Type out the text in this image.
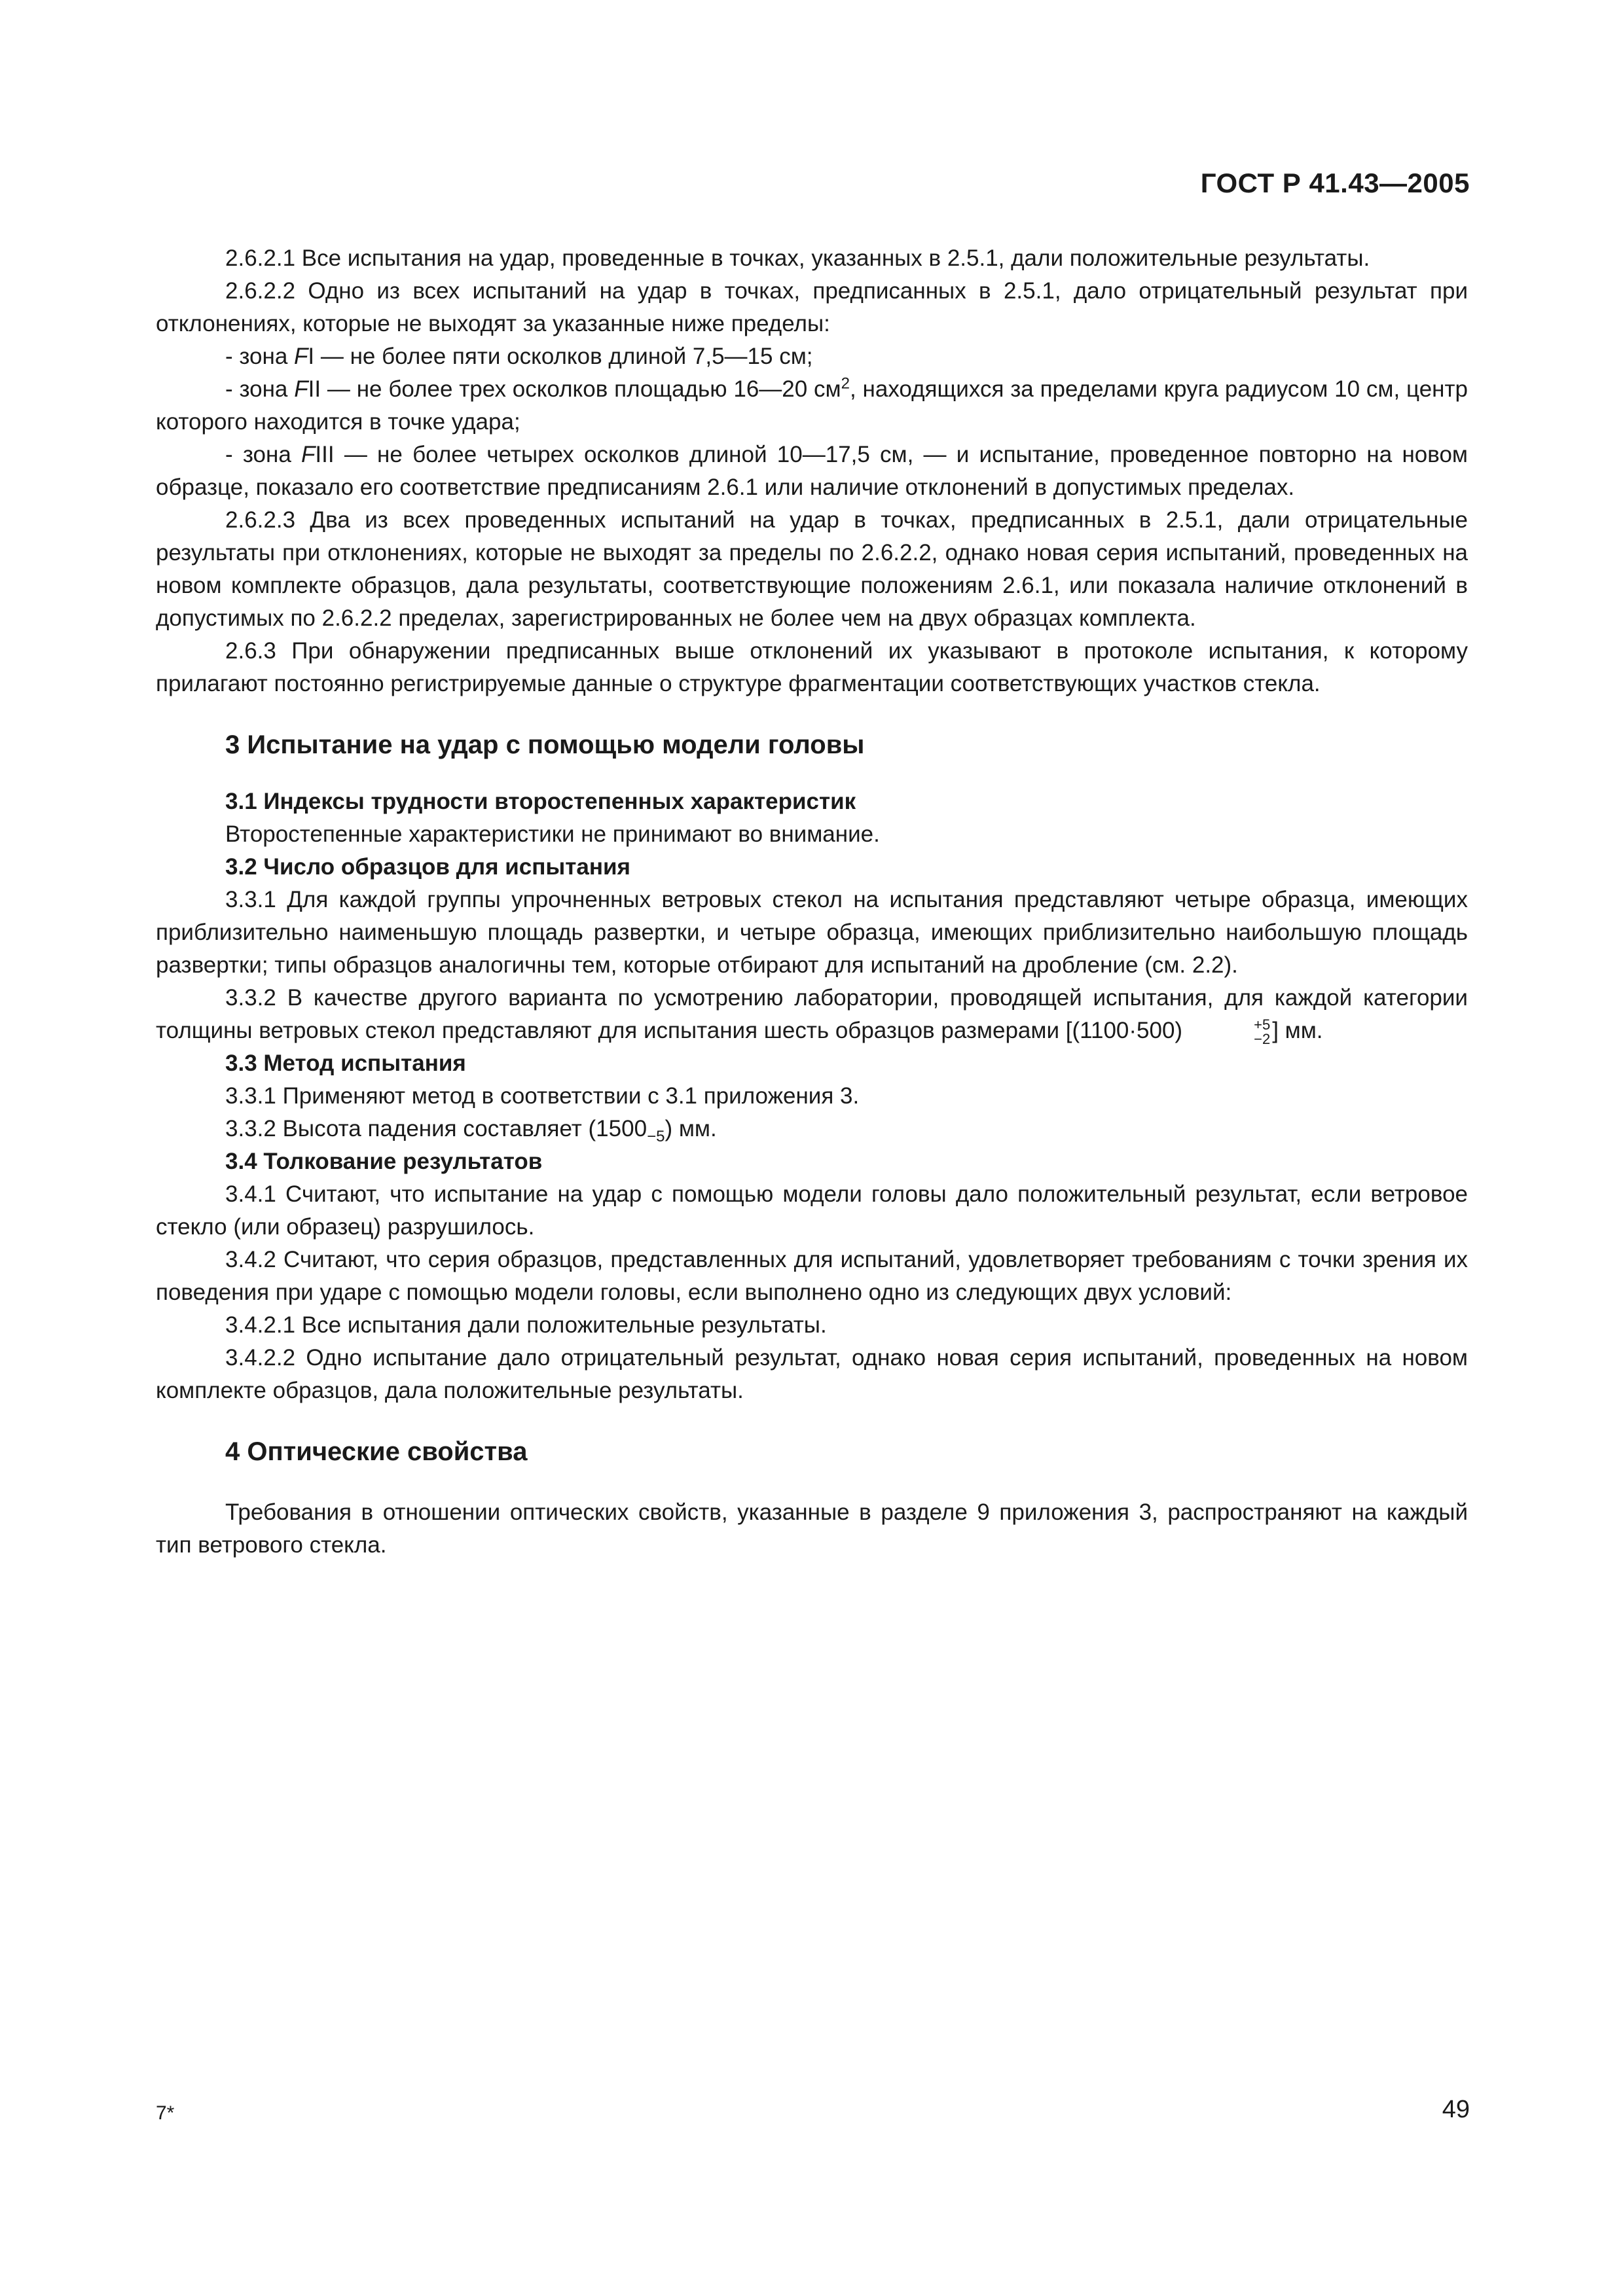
ГОСТ Р 41.43—2005

2.6.2.1 Все испытания на удар, проведенные в точках, указанных в 2.5.1, дали положительные результаты.

2.6.2.2 Одно из всех испытаний на удар в точках, предписанных в 2.5.1, дало отрицательный результат при отклонениях, которые не выходят за указанные ниже пределы:

- зона FI — не более пяти осколков длиной 7,5—15 см;

- зона FII — не более трех осколков площадью 16—20 $см^2$, находящихся за пределами круга радиусом 10 см, центр которого находится в точке удара;

- зона FIII — не более четырех осколков длиной 10—17,5 см, — и испытание, проведенное повторно на новом образце, показало его соответствие предписаниям 2.6.1 или наличие отклонений в допустимых пределах.

2.6.2.3 Два из всех проведенных испытаний на удар в точках, предписанных в 2.5.1, дали отрицательные результаты при отклонениях, которые не выходят за пределы по 2.6.2.2, однако новая серия испытаний, проведенных на новом комплекте образцов, дала результаты, соответствующие положениям 2.6.1, или показала наличие отклонений в допустимых по 2.6.2.2 пределах, зарегистрированных не более чем на двух образцах комплекта.

2.6.3 При обнаружении предписанных выше отклонений их указывают в протоколе испытания, к которому прилагают постоянно регистрируемые данные о структуре фрагментации соответствующих участков стекла.

3 Испытание на удар с помощью модели головы

3.1 Индексы трудности второстепенных характеристик

Второстепенные характеристики не принимают во внимание.

3.2 Число образцов для испытания

3.3.1 Для каждой группы упрочненных ветровых стекол на испытания представляют четыре образца, имеющих приблизительно наименьшую площадь развертки, и четыре образца, имеющих приблизительно наибольшую площадь развертки; типы образцов аналогичны тем, которые отбирают для испытаний на дробление (см. 2.2).

3.3.2 В качестве другого варианта по усмотрению лаборатории, проводящей испытания, для каждой категории толщины ветровых стекол представляют для испытания шесть образцов размерами [(1100·500)	+5
−2 ] мм.

3.3 Метод испытания

3.3.1 Применяют метод в соответствии с 3.1 приложения 3.

3.3.2 Высота падения составляет $(1500_{-5})$ мм.

3.4 Толкование результатов

3.4.1 Считают, что испытание на удар с помощью модели головы дало положительный результат, если ветровое стекло (или образец) разрушилось.

3.4.2 Считают, что серия образцов, представленных для испытаний, удовлетворяет требованиям с точки зрения их поведения при ударе с помощью модели головы, если выполнено одно из следующих двух условий:

3.4.2.1 Все испытания дали положительные результаты.

3.4.2.2 Одно испытание дало отрицательный результат, однако новая серия испытаний, проведенных на новом комплекте образцов, дала положительные результаты.

4 Оптические свойства

Требования в отношении оптических свойств, указанные в разделе 9 приложения 3, распространяют на каждый тип ветрового стекла.

7*	49
